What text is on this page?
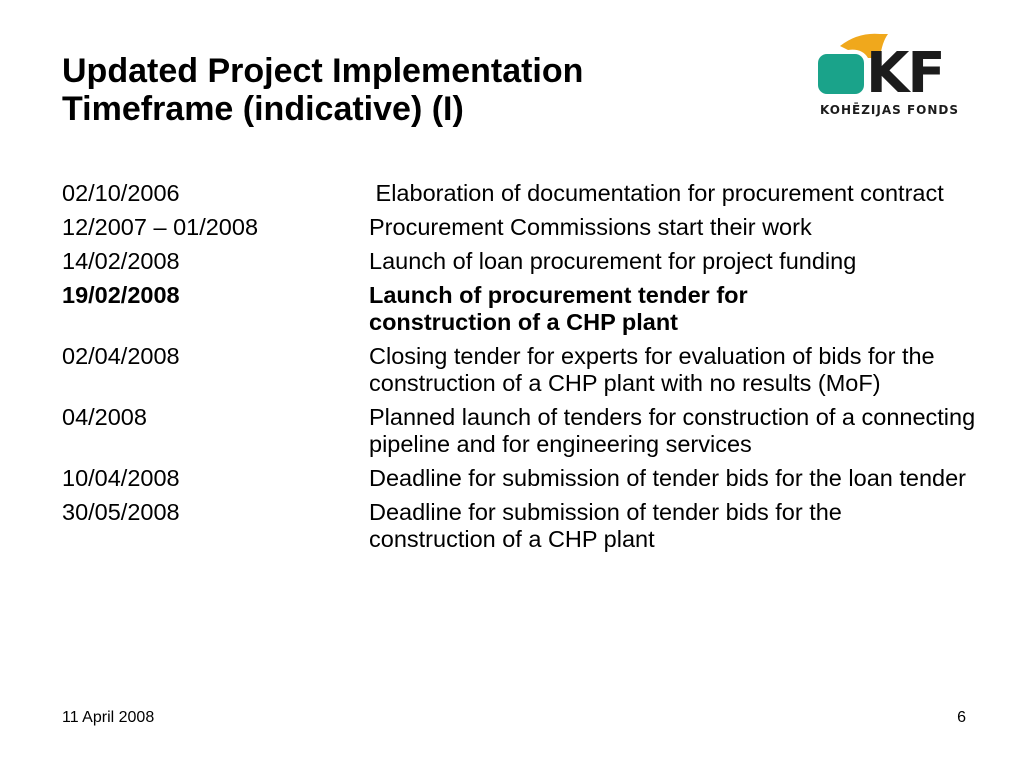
Updated Project Implementation
Timeframe (indicative) (I)
KF
KOHĒZIJAS FONDS
02/10/2006	Elaboration of documentation for procurement contract
12/2007 – 01/2008	Procurement Commissions start their work
14/02/2008	Launch of loan procurement for project funding
19/02/2008	Launch of procurement tender for construction of a CHP plant
02/04/2008	Closing tender for experts for evaluation of bids for the construction of a CHP plant with no results (MoF)
04/2008	Planned launch of tenders for construction of a connecting pipeline and for engineering services
10/04/2008	Deadline for submission of tender bids for the loan tender
30/05/2008	Deadline for submission of tender bids for the construction of a CHP plant
11 April 2008	6
